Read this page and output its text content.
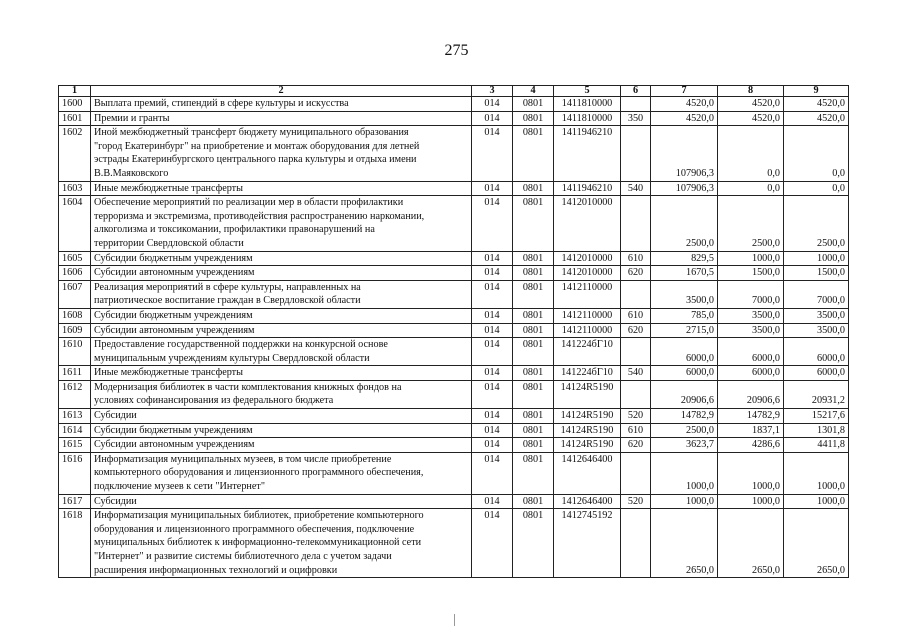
275
1	2	3	4	5	6	7	8	9
1600	Выплата премий, стипендий в сфере культуры и искусства	014	0801	1411810000		4520,0	4520,0	4520,0
1601	Премии и гранты	014	0801	1411810000	350	4520,0	4520,0	4520,0
1602	Иной межбюджетный трансферт бюджету муниципального образования
"город Екатеринбург" на приобретение и монтаж оборудования для летней
эстрады Екатеринбургского центрального парка культуры и отдыха имени
В.В.Маяковского	014	0801	1411946210		107906,3	0,0	0,0
1603	Иные межбюджетные трансферты	014	0801	1411946210	540	107906,3	0,0	0,0
1604	Обеспечение мероприятий по реализации мер в области профилактики
терроризма и экстремизма, противодействия распространению наркомании,
алкоголизма и токсикомании, профилактики правонарушений на
территории Свердловской области	014	0801	1412010000		2500,0	2500,0	2500,0
1605	Субсидии бюджетным учреждениям	014	0801	1412010000	610	829,5	1000,0	1000,0
1606	Субсидии автономным учреждениям	014	0801	1412010000	620	1670,5	1500,0	1500,0
1607	Реализация мероприятий в сфере культуры, направленных на
патриотическое воспитание граждан в Свердловской области	014	0801	1412110000		3500,0	7000,0	7000,0
1608	Субсидии бюджетным учреждениям	014	0801	1412110000	610	785,0	3500,0	3500,0
1609	Субсидии автономным учреждениям	014	0801	1412110000	620	2715,0	3500,0	3500,0
1610	Предоставление государственной поддержки на конкурсной основе
муниципальным учреждениям культуры Свердловской области	014	0801	141224бГ10		6000,0	6000,0	6000,0
1611	Иные межбюджетные трансферты	014	0801	141224бГ10	540	6000,0	6000,0	6000,0
1612	Модернизация библиотек в части комплектования книжных фондов на
условиях софинансирования из федерального бюджета	014	0801	14124R5190		20906,6	20906,6	20931,2
1613	Субсидии	014	0801	14124R5190	520	14782,9	14782,9	15217,6
1614	Субсидии бюджетным учреждениям	014	0801	14124R5190	610	2500,0	1837,1	1301,8
1615	Субсидии автономным учреждениям	014	0801	14124R5190	620	3623,7	4286,6	4411,8
1616	Информатизация муниципальных музеев, в том числе приобретение
компьютерного оборудования и лицензионного программного обеспечения,
подключение музеев к сети "Интернет"	014	0801	1412646400		1000,0	1000,0	1000,0
1617	Субсидии	014	0801	1412646400	520	1000,0	1000,0	1000,0
1618	Информатизация муниципальных библиотек, приобретение компьютерного
оборудования и лицензионного программного обеспечения, подключение
муниципальных библиотек к информационно-телекоммуникационной сети
"Интернет" и развитие системы библиотечного дела с учетом задачи
расширения информационных технологий и оцифровки	014	0801	1412745192		2650,0	2650,0	2650,0
